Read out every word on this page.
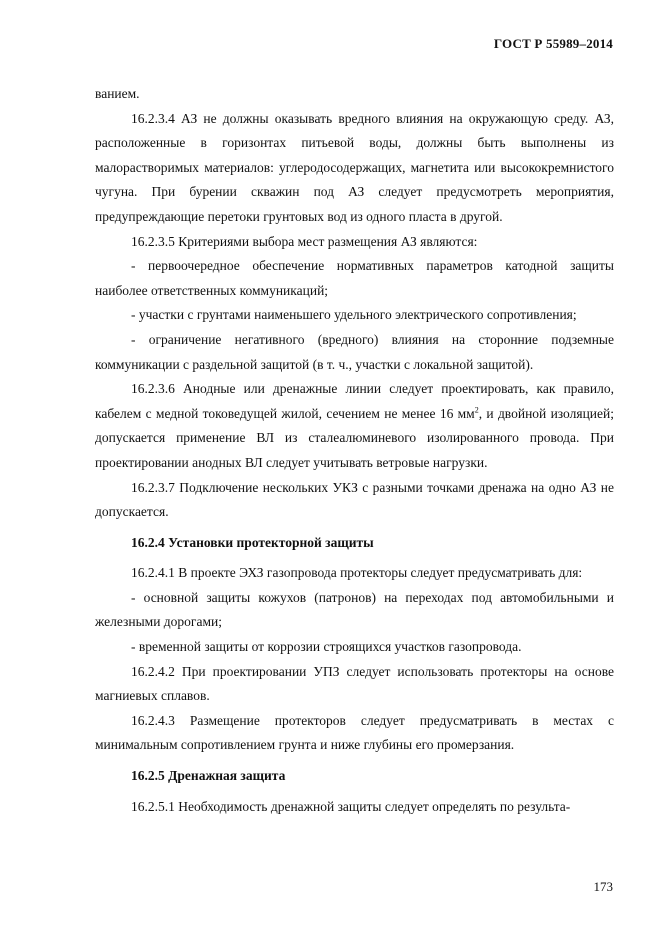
ГОСТ Р 55989–2014

ванием.

16.2.3.4 АЗ не должны оказывать вредного влияния на окружающую среду. АЗ, расположенные в горизонтах питьевой воды, должны быть выполнены из малорастворимых материалов: углеродосодержащих, магнетита или высококремнистого чугуна. При бурении скважин под АЗ следует предусмотреть мероприятия, предупреждающие перетоки грунтовых вод из одного пласта в другой.

16.2.3.5 Критериями выбора мест размещения АЗ являются:

- первоочередное обеспечение нормативных параметров катодной защиты наиболее ответственных коммуникаций;

- участки с грунтами наименьшего удельного электрического сопротивления;

- ограничение негативного (вредного) влияния на сторонние подземные коммуникации с раздельной защитой (в т. ч., участки с локальной защитой).

16.2.3.6 Анодные или дренажные линии следует проектировать, как правило, кабелем с медной токоведущей жилой, сечением не менее 16 $мм^2$, и двойной изоляцией; допускается применение ВЛ из сталеалюминевого изолированного провода. При проектировании анодных ВЛ следует учитывать ветровые нагрузки.

16.2.3.7 Подключение нескольких УКЗ с разными точками дренажа на одно АЗ не допускается.

16.2.4 Установки протекторной защиты

16.2.4.1 В проекте ЭХЗ газопровода протекторы следует предусматривать для:

- основной защиты кожухов (патронов) на переходах под автомобильными и железными дорогами;

- временной защиты от коррозии строящихся участков газопровода.

16.2.4.2 При проектировании УПЗ следует использовать протекторы на основе магниевых сплавов.

16.2.4.3 Размещение протекторов следует предусматривать в местах с минимальным сопротивлением грунта и ниже глубины его промерзания.

16.2.5 Дренажная защита

16.2.5.1 Необходимость дренажной защиты следует определять по результа-

173
